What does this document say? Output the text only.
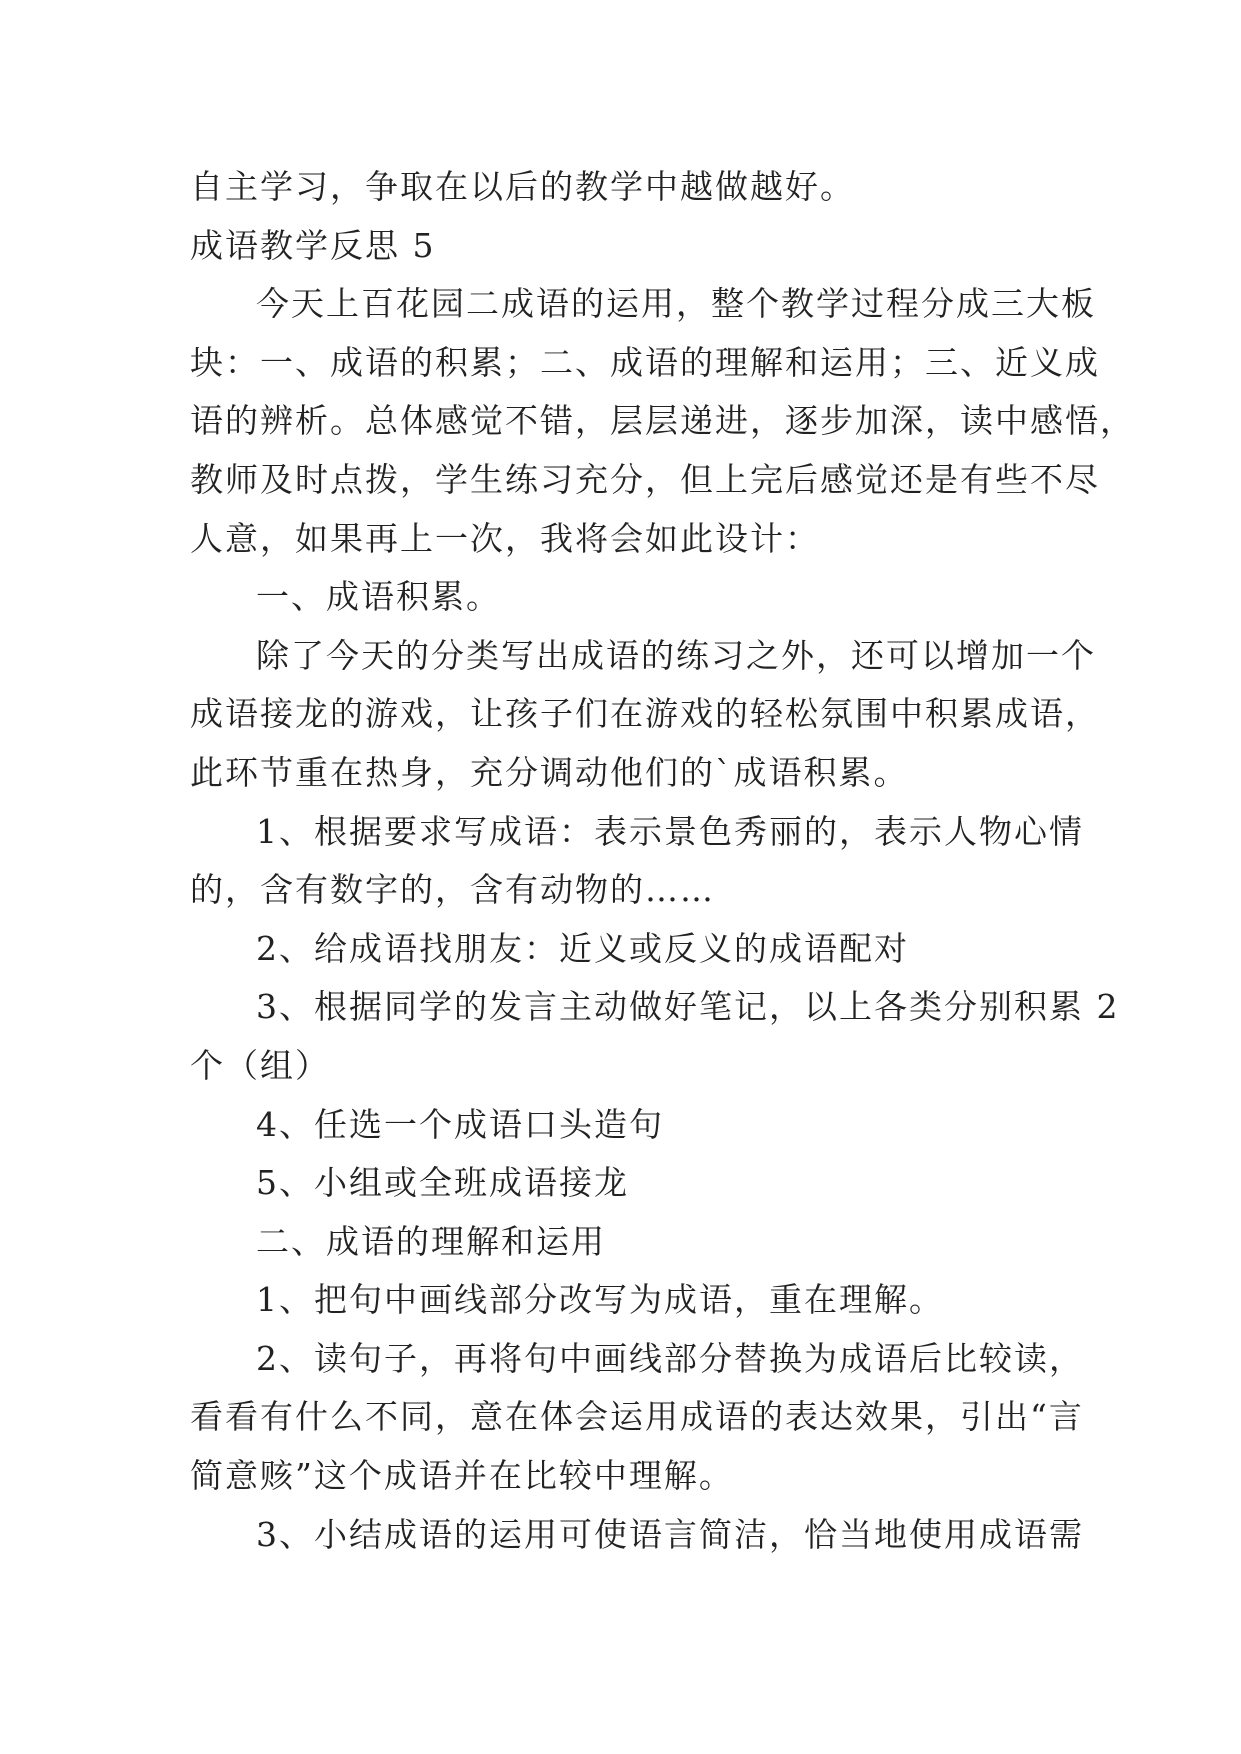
自主学习，争取在以后的教学中越做越好。
成语教学反思 5
今天上百花园二成语的运用，整个教学过程分成三大板
块：一、成语的积累；二、成语的理解和运用；三、近义成
语的辨析。总体感觉不错，层层递进，逐步加深，读中感悟，
教师及时点拨，学生练习充分，但上完后感觉还是有些不尽
人意，如果再上一次，我将会如此设计：
一、成语积累。
除了今天的分类写出成语的练习之外，还可以增加一个
成语接龙的游戏，让孩子们在游戏的轻松氛围中积累成语，
此环节重在热身，充分调动他们的`成语积累。
1、根据要求写成语：表示景色秀丽的，表示人物心情
的，含有数字的，含有动物的……
2、给成语找朋友：近义或反义的成语配对
3、根据同学的发言主动做好笔记，以上各类分别积累 2
个（组）
4、任选一个成语口头造句
5、小组或全班成语接龙
二、成语的理解和运用
1、把句中画线部分改写为成语，重在理解。
2、读句子，再将句中画线部分替换为成语后比较读，
看看有什么不同，意在体会运用成语的表达效果，引出“言
简意赅”这个成语并在比较中理解。
3、小结成语的运用可使语言简洁，恰当地使用成语需
